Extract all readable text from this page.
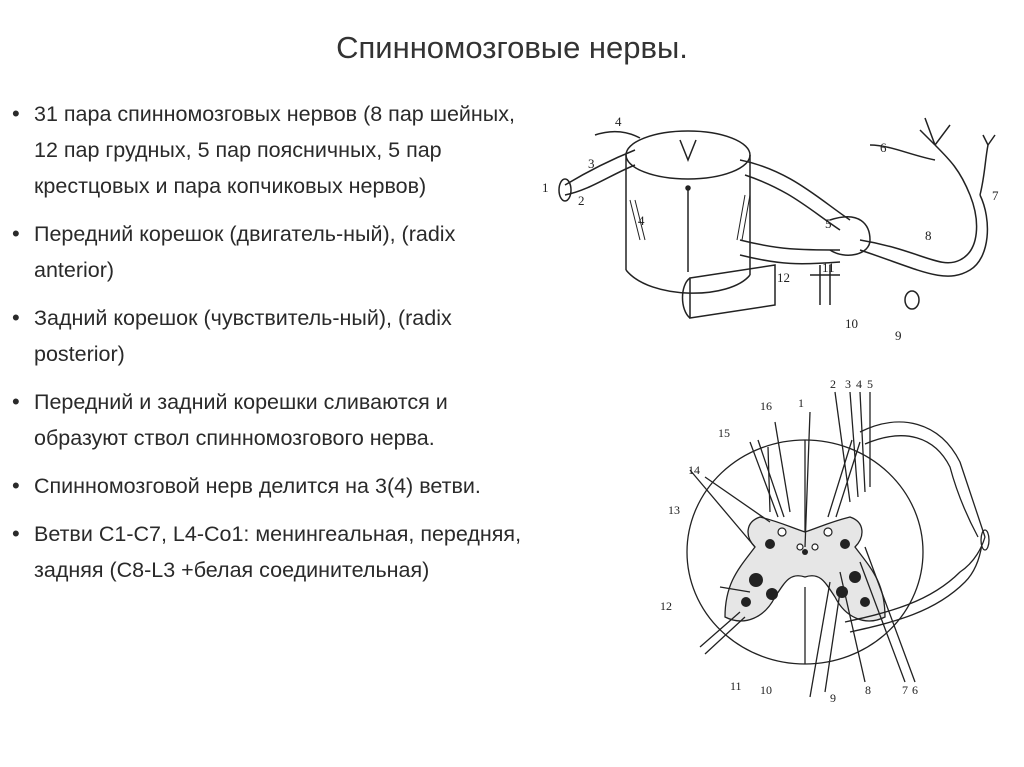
Спинномозговые нервы.
• 31 пара спинномозговых нервов (8 пар шейных, 12 пар грудных, 5 пар поясничных, 5 пар крестцовых и пара копчиковых нервов)
• Передний корешок (двигатель-ный), (radix anterior)
• Задний корешок (чувствитель-ный), (radix posterior)
• Передний и задний корешки сливаются и образуют ствол спинномозгового нерва.
• Спинномозговой нерв делится на 3(4) ветви.
• Ветви С1-С7, L4-Co1: менингеальная, передняя, задняя (С8-L3 +белая соединительная)
1
2
3
4
4	5
6
7
8
9
10
11
12
1
2 3 4 5
6
7
8
9
10
11
12
13
14
15
16
